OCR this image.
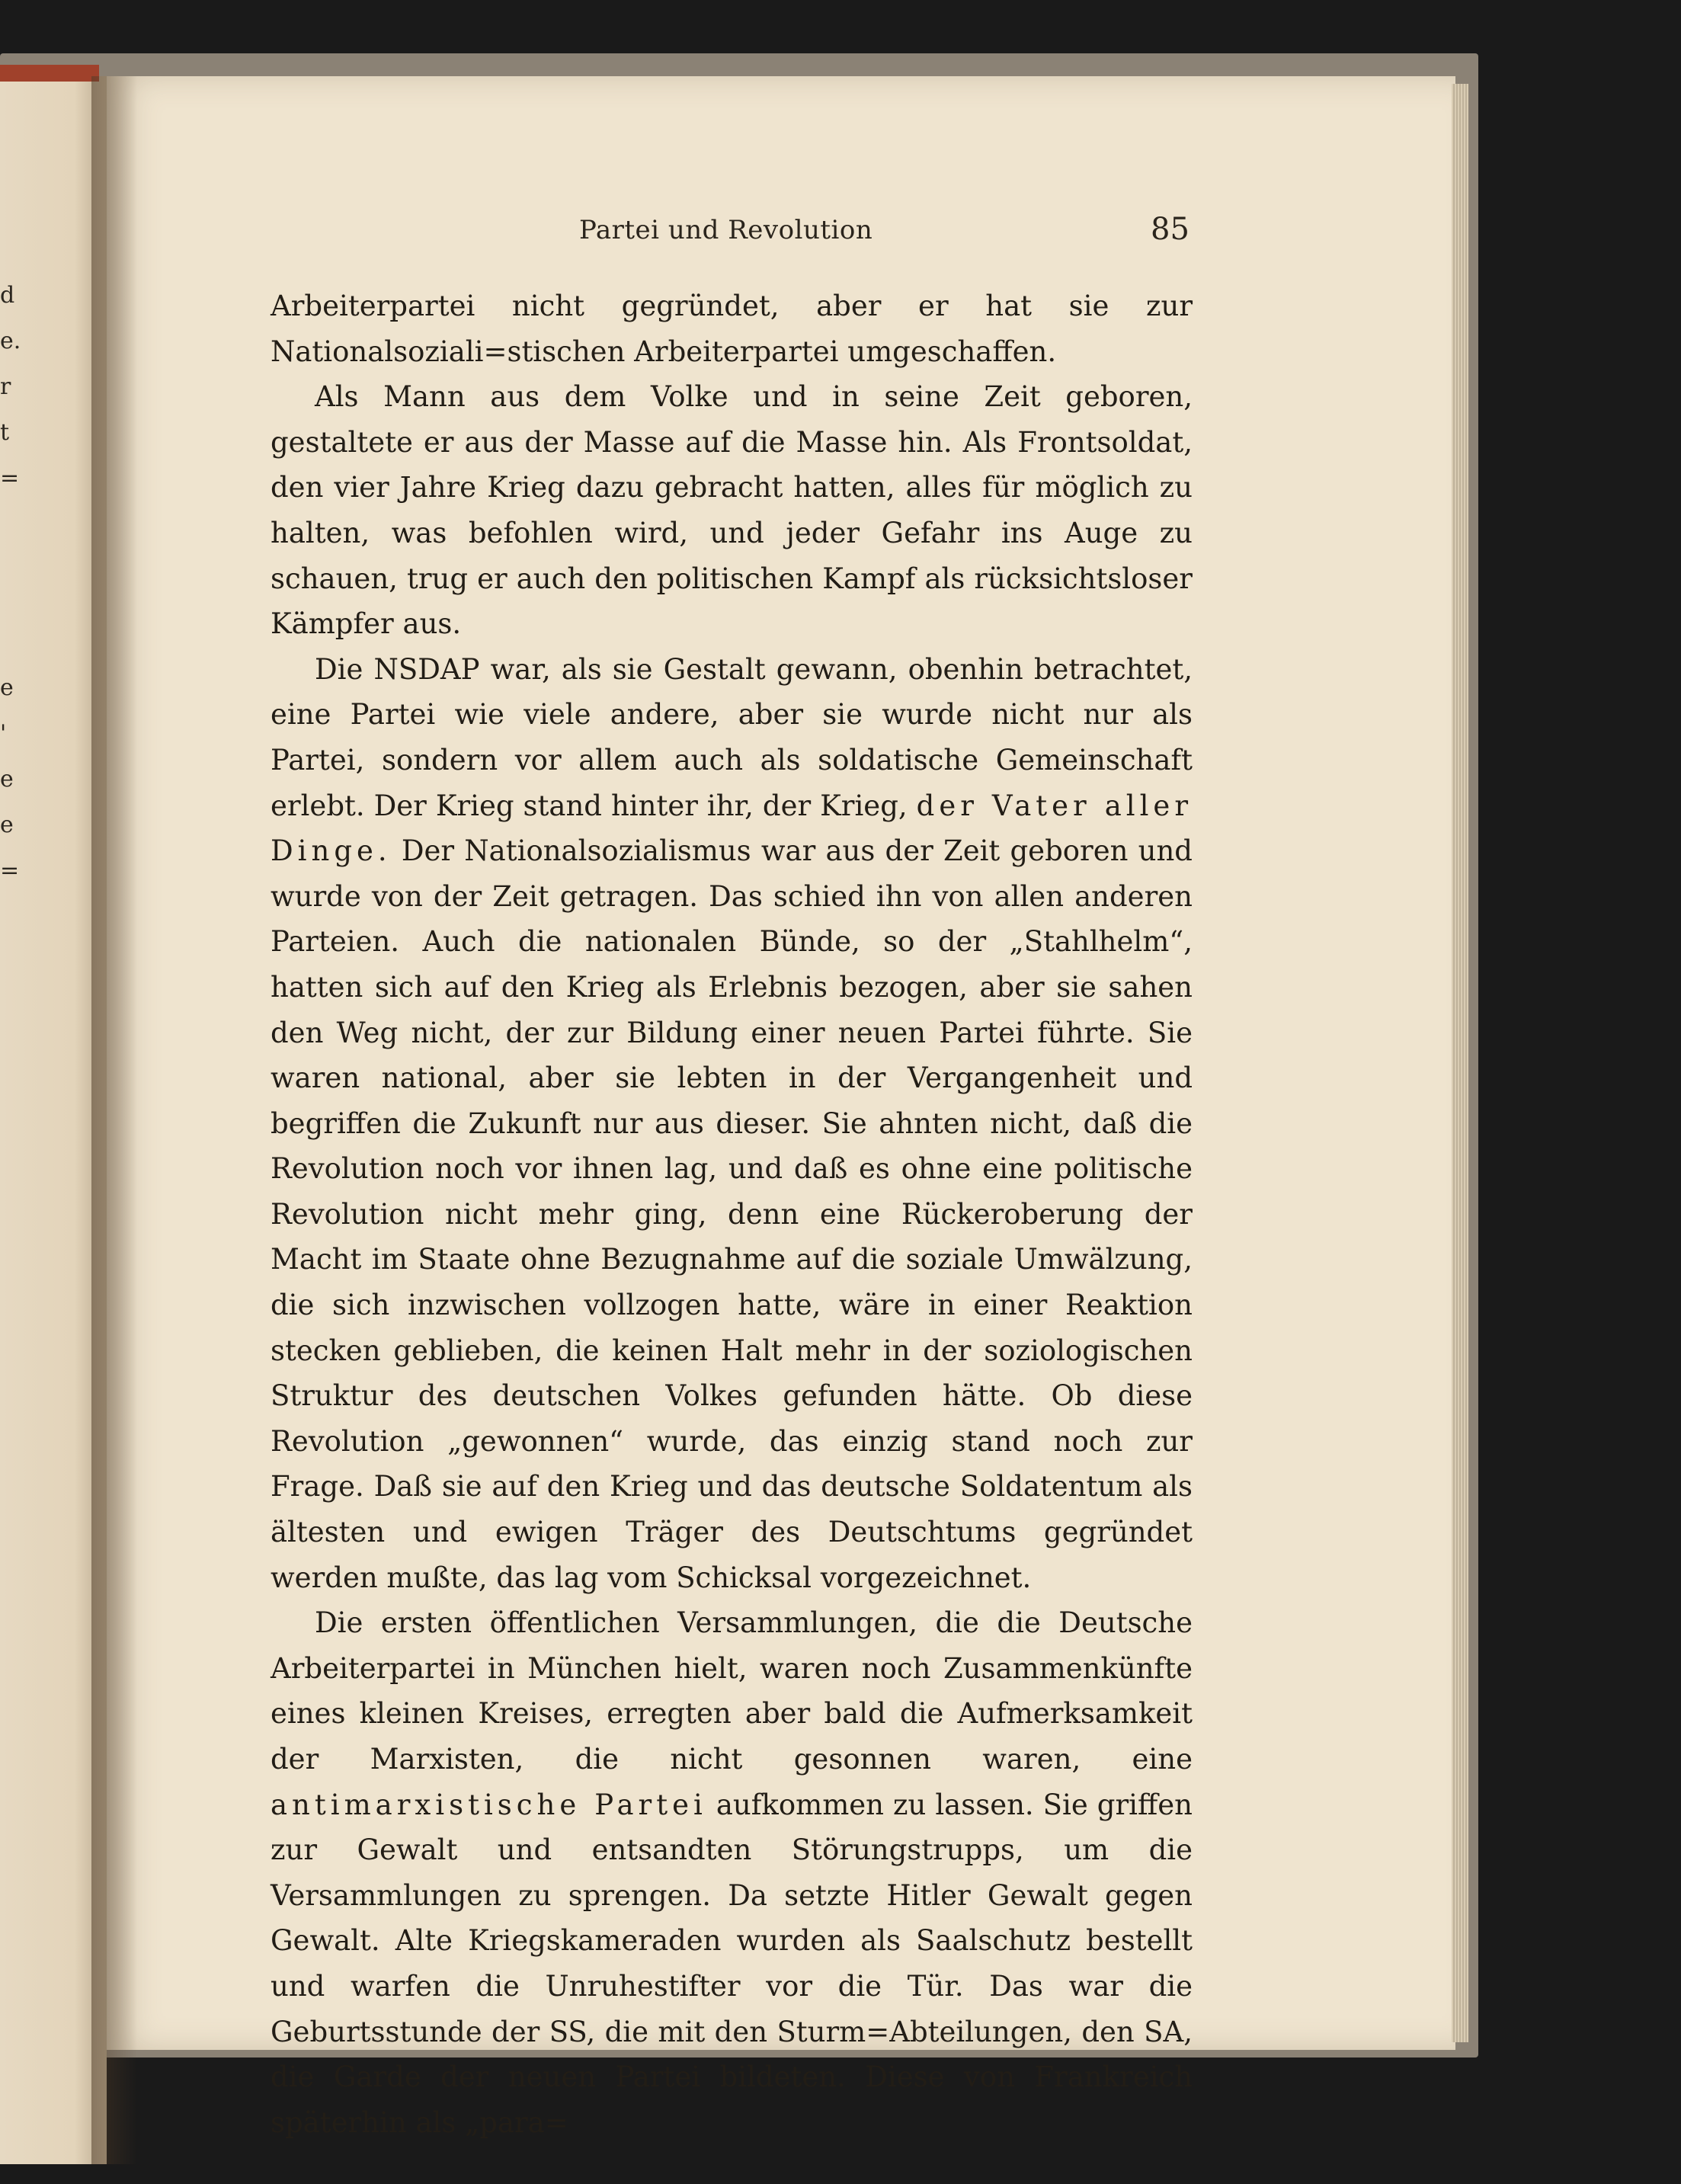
d
e.
r
t
=
e
'
e
e
=
Partei und Revolution	85

Arbeiterpartei nicht gegründet, aber er hat sie zur Nationalsoziali=stischen Arbeiterpartei umgeschaffen.

Als Mann aus dem Volke und in seine Zeit geboren, gestaltete er aus der Masse auf die Masse hin. Als Frontsoldat, den vier Jahre Krieg dazu gebracht hatten, alles für möglich zu halten, was befohlen wird, und jeder Gefahr ins Auge zu schauen, trug er auch den politischen Kampf als rücksichtsloser Kämpfer aus.

Die NSDAP war, als sie Gestalt gewann, obenhin betrachtet, eine Partei wie viele andere, aber sie wurde nicht nur als Partei, sondern vor allem auch als soldatische Gemeinschaft erlebt. Der Krieg stand hinter ihr, der Krieg, der Vater aller Dinge. Der Nationalsozialismus war aus der Zeit geboren und wurde von der Zeit getragen. Das schied ihn von allen anderen Parteien. Auch die nationalen Bünde, so der „Stahlhelm“, hatten sich auf den Krieg als Erlebnis bezogen, aber sie sahen den Weg nicht, der zur Bildung einer neuen Partei führte. Sie waren national, aber sie lebten in der Vergangenheit und begriffen die Zukunft nur aus dieser. Sie ahnten nicht, daß die Revolution noch vor ihnen lag, und daß es ohne eine politische Revolution nicht mehr ging, denn eine Rückeroberung der Macht im Staate ohne Bezugnahme auf die soziale Umwälzung, die sich inzwischen vollzogen hatte, wäre in einer Reaktion stecken geblieben, die keinen Halt mehr in der soziologischen Struktur des deutschen Volkes gefunden hätte. Ob diese Revolution „gewonnen“ wurde, das einzig stand noch zur Frage. Daß sie auf den Krieg und das deutsche Soldatentum als ältesten und ewigen Träger des Deutschtums gegründet werden mußte, das lag vom Schicksal vorgezeichnet.

Die ersten öffentlichen Versammlungen, die die Deutsche Arbeiterpartei in München hielt, waren noch Zusammenkünfte eines kleinen Kreises, erregten aber bald die Aufmerksamkeit der Marxisten, die nicht gesonnen waren, eine antimarxistische Partei aufkommen zu lassen. Sie griffen zur Gewalt und entsandten Störungstrupps, um die Versammlungen zu sprengen. Da setzte Hitler Gewalt gegen Gewalt. Alte Kriegskameraden wurden als Saalschutz bestellt und warfen die Unruhestifter vor die Tür. Das war die Geburtsstunde der SS, die mit den Sturm=Abteilungen, den SA, die Garde der neuen Partei bildeten. Diese von Frankreich späterhin als „para=
